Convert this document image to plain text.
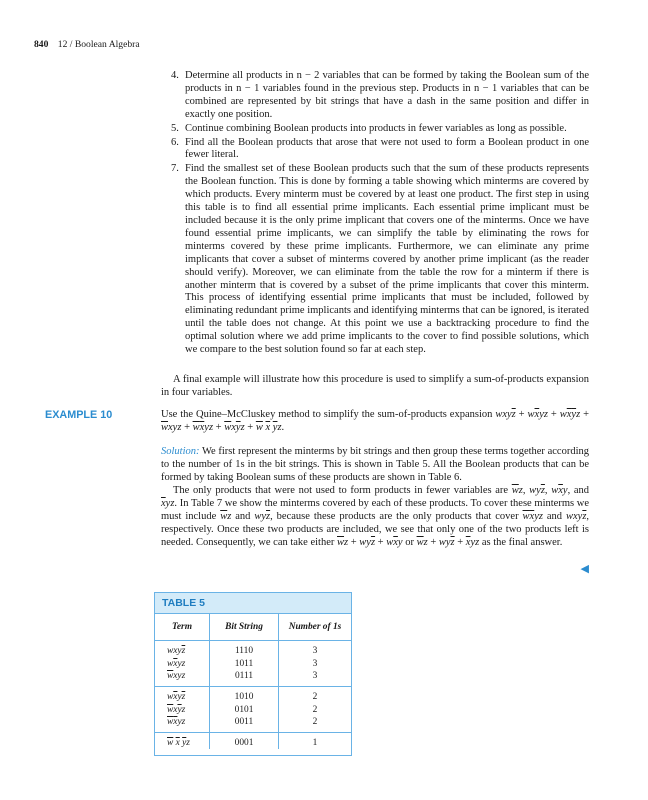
840 12 / Boolean Algebra
4. Determine all products in n − 2 variables that can be formed by taking the Boolean sum of the products in n − 1 variables found in the previous step. Products in n − 1 variables that can be combined are represented by bit strings that have a dash in the same position and differ in exactly one position.
5. Continue combining Boolean products into products in fewer variables as long as possible.
6. Find all the Boolean products that arose that were not used to form a Boolean product in one fewer literal.
7. Find the smallest set of these Boolean products such that the sum of these products represents the Boolean function. This is done by forming a table showing which minterms are covered by which products. Every minterm must be covered by at least one product. The first step in using this table is to find all essential prime implicants. Each essential prime implicant must be included because it is the only prime implicant that covers one of the minterms. Once we have found essential prime implicants, we can simplify the table by eliminating the rows for minterms covered by these prime implicants. Furthermore, we can eliminate any prime implicants that cover a subset of minterms covered by another prime implicant (as the reader should verify). Moreover, we can eliminate from the table the row for a minterm if there is another minterm that is covered by a subset of the prime implicants that cover this minterm. This process of identifying essential prime implicants that must be included, followed by eliminating redundant prime implicants and identifying minterms that can be ignored, is iterated until the table does not change. At this point we use a backtracking procedure to find the optimal solution where we add prime implicants to the cover to find possible solutions, which we compare to the best solution found so far at each step.
A final example will illustrate how this procedure is used to simplify a sum-of-products expansion in four variables.
EXAMPLE 10	Use the Quine–McCluskey method to simplify the sum-of-products expansion $wxy\overline{z} + w\overline{x}yz + w\overline{x}\overline{y}z + \overline{w}xyz + \overline{w}\overline{x}yz + \overline{w}x\overline{y}z + \overline{w}$ $\overline{x}$ $\overline{y}z$.
Solution: We first represent the minterms by bit strings and then group these terms together according to the number of 1s in the bit strings. This is shown in Table 5. All the Boolean products that can be formed by taking Boolean sums of these products are shown in Table 6.
The only products that were not used to form products in fewer variables are $\overline{w}z$, $wy\overline{z}$, $w\overline{x}y$, and $\overline{x}yz$. In Table 7 we show the minterms covered by each of these products. To cover these minterms we must include $\overline{w}z$ and $wy\overline{z}$, because these products are the only products that cover $\overline{w}\overline{x}yz$ and $wxy\overline{z}$, respectively. Once these two products are included, we see that only one of the two products left is needed. Consequently, we can take either $\overline{w}z + wy\overline{z} + w\overline{x}y$ or $\overline{w}z + wy\overline{z} + \overline{x}yz$ as the final answer.
◀
TABLE 5
Term	Bit String	Number of 1s
$wxy\overline{z}$	1110	3
$w\overline{x}yz$	1011	3
$\overline{w}xyz$	0111	3
$w\overline{x}y\overline{z}$	1010	2
$\overline{w}x\overline{y}z$	0101	2
$\overline{w}\overline{x}yz$	0011	2
$\overline{w}$ $\overline{x}$ $\overline{y}z$	0001	1
